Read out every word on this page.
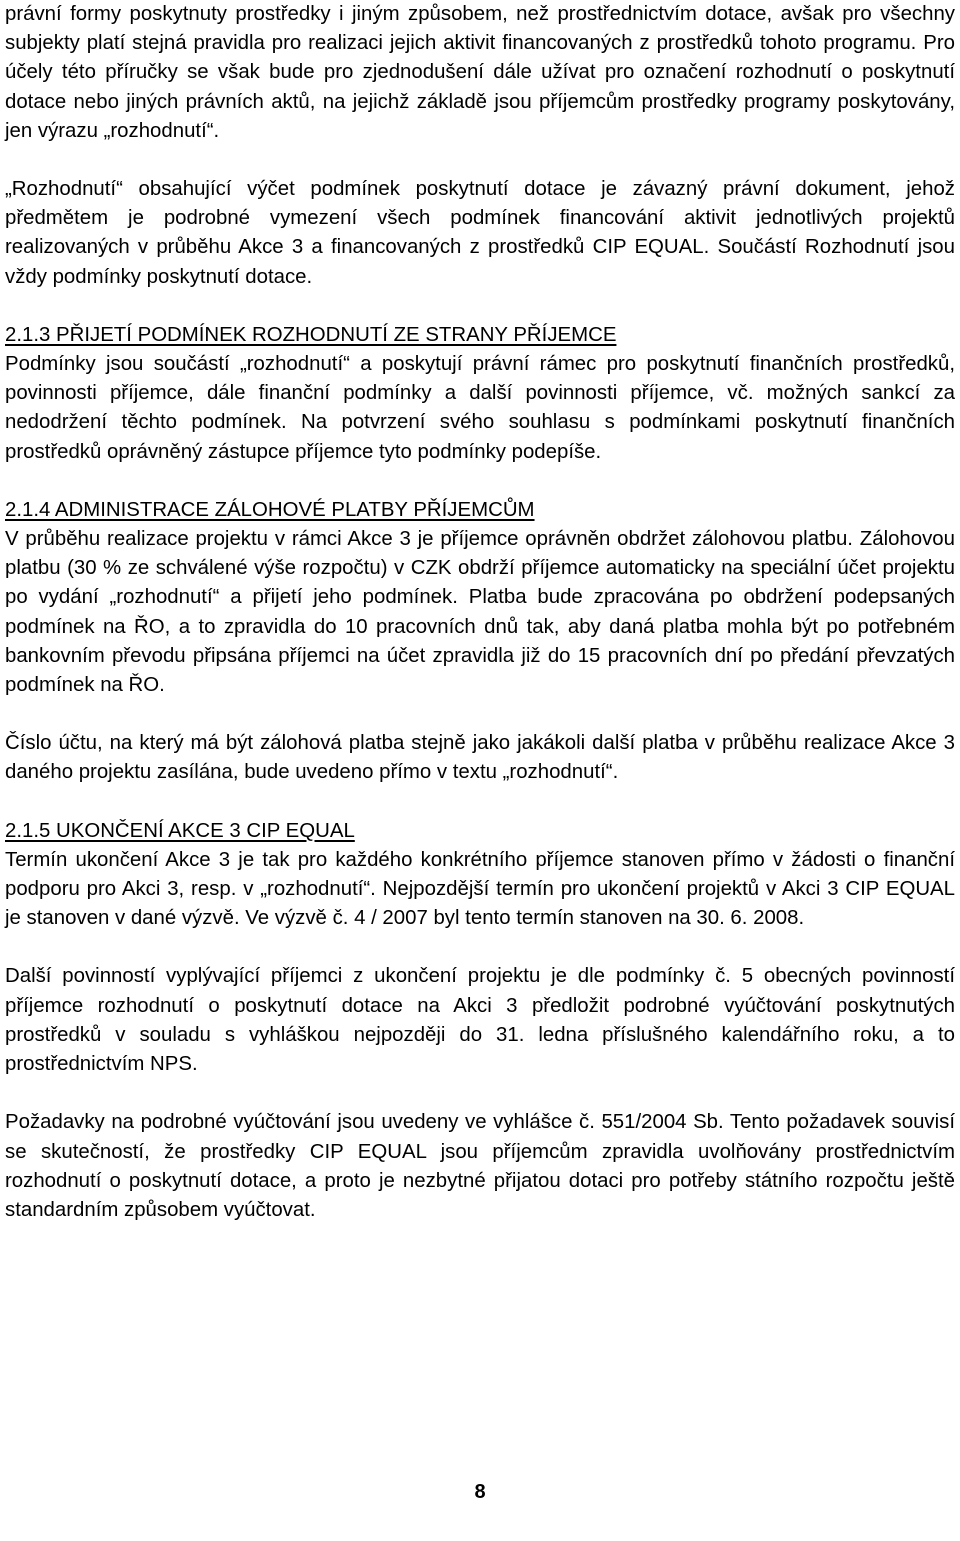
právní formy poskytnuty prostředky i jiným způsobem, než prostřednictvím dotace, avšak pro všechny subjekty platí stejná pravidla pro realizaci jejich aktivit financovaných z prostředků tohoto programu. Pro účely této příručky se však bude pro zjednodušení dále užívat pro označení rozhodnutí o poskytnutí dotace nebo jiných právních aktů, na jejichž základě jsou příjemcům prostředky programy poskytovány, jen výrazu „rozhodnutí“.

„Rozhodnutí“ obsahující výčet podmínek poskytnutí dotace je závazný právní dokument, jehož předmětem je podrobné vymezení všech podmínek financování aktivit jednotlivých projektů realizovaných v průběhu Akce 3 a financovaných z prostředků CIP EQUAL. Součástí Rozhodnutí jsou vždy podmínky poskytnutí dotace.

2.1.3 PŘIJETÍ PODMÍNEK ROZHODNUTÍ ZE STRANY PŘÍJEMCE

Podmínky jsou součástí „rozhodnutí“ a poskytují právní rámec pro poskytnutí finančních prostředků, povinnosti příjemce, dále finanční podmínky a další povinnosti příjemce, vč. možných sankcí za nedodržení těchto podmínek. Na potvrzení svého souhlasu s podmínkami poskytnutí finančních prostředků oprávněný zástupce příjemce tyto podmínky podepíše.

2.1.4 ADMINISTRACE ZÁLOHOVÉ PLATBY PŘÍJEMCŮM

V průběhu realizace projektu v rámci Akce 3 je příjemce oprávněn obdržet zálohovou platbu. Zálohovou platbu (30 % ze schválené výše rozpočtu) v CZK obdrží příjemce automaticky na speciální účet projektu po vydání „rozhodnutí“ a přijetí jeho podmínek. Platba bude zpracována po obdržení podepsaných podmínek na ŘO, a to zpravidla do 10 pracovních dnů tak, aby daná platba mohla být po potřebném bankovním převodu připsána příjemci na účet zpravidla již do 15 pracovních dní po předání převzatých podmínek na ŘO.

Číslo účtu, na který má být zálohová platba stejně jako jakákoli další platba v průběhu realizace Akce 3 daného projektu zasílána, bude uvedeno přímo v textu „rozhodnutí“.

2.1.5 UKONČENÍ AKCE 3 CIP EQUAL

Termín ukončení Akce 3 je tak pro každého konkrétního příjemce stanoven přímo v žádosti o finanční podporu pro Akci 3, resp. v „rozhodnutí“. Nejpozdější termín pro ukončení projektů v Akci 3 CIP EQUAL je stanoven v dané výzvě. Ve výzvě č. 4 / 2007 byl tento termín stanoven na 30. 6. 2008.

Další povinností vyplývající příjemci z ukončení projektu je dle podmínky č. 5 obecných povinností příjemce rozhodnutí o poskytnutí dotace na Akci 3 předložit podrobné vyúčtování poskytnutých prostředků v souladu s vyhláškou nejpozději do 31. ledna příslušného kalendářního roku, a to prostřednictvím NPS.

Požadavky na podrobné vyúčtování jsou uvedeny ve vyhlášce č. 551/2004 Sb. Tento požadavek souvisí se skutečností, že prostředky CIP EQUAL jsou příjemcům zpravidla uvolňovány prostřednictvím rozhodnutí o poskytnutí dotace, a proto je nezbytné přijatou dotaci pro potřeby státního rozpočtu ještě standardním způsobem vyúčtovat.

8
